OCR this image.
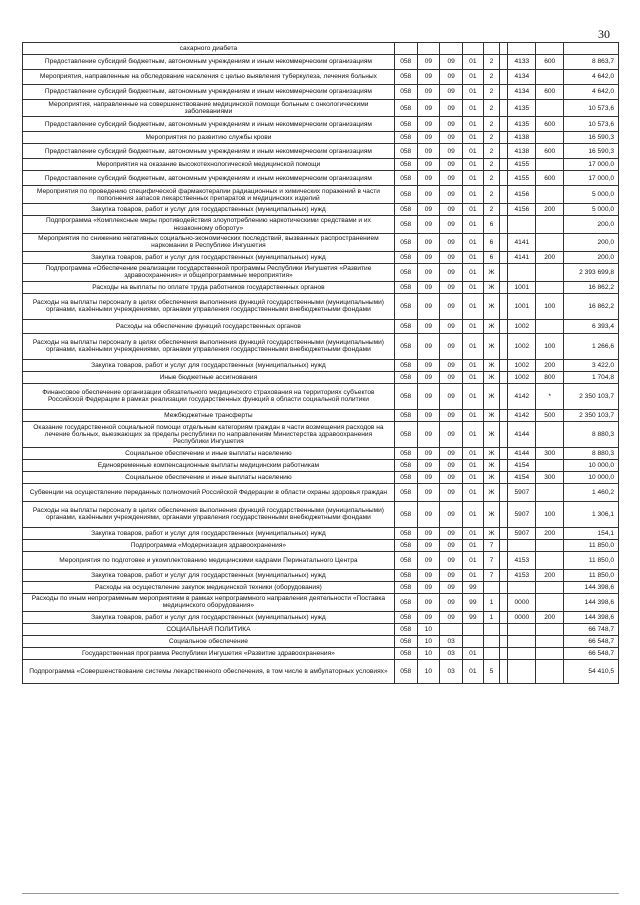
30
сахарного диабета									
Предоставление субсидий бюджетным, автономным учреждениям и иным некоммерческим организациям	058	09	09	01	2		4133	600	8 863,7
Мероприятия, направленные на обследование населения с целью выявления туберкулеза, лечения больных	058	09	09	01	2		4134		4 642,0
Предоставление субсидий бюджетным, автономным учреждениям и иным некоммерческим организациям	058	09	09	01	2		4134	600	4 642,0
Мероприятия, направленные на совершенствование медицинской помощи больным с онкологическими заболеваниями	058	09	09	01	2		4135		10 573,6
Предоставление субсидий бюджетным, автономным учреждениям и иным некоммерческим организациям	058	09	09	01	2		4135	600	10 573,6
Мероприятия по развитию службы крови	058	09	09	01	2		4138		16 590,3
Предоставление субсидий бюджетным, автономным учреждениям и иным некоммерческим организациям	058	09	09	01	2		4138	600	16 590,3
Мероприятия на оказание высокотехнологической медицинской помощи	058	09	09	01	2		4155		17 000,0
Предоставление субсидий бюджетным, автономным учреждениям и иным некоммерческим организациям	058	09	09	01	2		4155	600	17 000,0
Мероприятия по проведению специфической фармакотерапии радиационных и химических поражений в части пополнения запасов лекарственных препаратов и медицинских изделий	058	09	09	01	2		4156		5 000,0
Закупка товаров, работ и услуг для государственных (муниципальных) нужд	058	09	09	01	2		4156	200	5 000,0
Подпрограмма «Комплексные меры противодействия злоупотреблению наркотическими средствами и их незаконному обороту»	058	09	09	01	6				200,0
Мероприятия по снижению негативных социально-экономических последствий, вызванных распространением наркомании в Республике Ингушетия	058	09	09	01	6		4141		200,0
Закупка товаров, работ и услуг для государственных (муниципальных) нужд	058	09	09	01	6		4141	200	200,0
Подпрограмма «Обеспечение реализации государственной программы Республики Ингушетия «Развитие здравоохранения» и общепрограммные мероприятия»	058	09	09	01	Ж				2 393 699,8
Расходы на выплаты по оплате труда работников государственных органов	058	09	09	01	Ж		1001		16 862,2
Расходы на выплаты персоналу в целях обеспечения выполнения функций государственными (муниципальными) органами, казёнными учреждениями, органами управления государственными внебюджетными фондами	058	09	09	01	Ж		1001	100	16 862,2
Расходы на обеспечение функций государственных органов	058	09	09	01	Ж		1002		6 393,4
Расходы на выплаты персоналу в целях обеспечения выполнения функций государственными (муниципальными) органами, казёнными учреждениями, органами управления государственными внебюджетными фондами	058	09	09	01	Ж		1002	100	1 266,6
Закупка товаров, работ и услуг для государственных (муниципальных) нужд	058	09	09	01	Ж		1002	200	3 422,0
Иные бюджетные ассигнования	058	09	09	01	Ж		1002	800	1 704,8
Финансовое обеспечение организации обязательного медицинского страхования на территориях субъектов Российской Федерации в рамках реализации государственных функций в области социальной политики	058	09	09	01	Ж		4142	*	2 350 103,7
Межбюджетные трансферты	058	09	09	01	Ж		4142	500	2 350 103,7
Оказание государственной социальной помощи отдельным категориям граждан в части возмещения расходов на лечение больных, выезжающих за пределы республики по направлениям Министерства здравоохранения Республики Ингушетия	058	09	09	01	Ж		4144		8 880,3
Социальное обеспечение и иные выплаты населению	058	09	09	01	Ж		4144	300	8 880,3
Единовременные компенсационные выплаты медицинским работникам	058	09	09	01	Ж		4154		10 000,0
Социальное обеспечение и иные выплаты населению	058	09	09	01	Ж		4154	300	10 000,0
Субвенции на осуществление переданных полномочий Российской Федерации в области охраны здоровья граждан	058	09	09	01	Ж		5907		1 460,2
Расходы на выплаты персоналу в целях обеспечения выполнения функций государственными (муниципальными) органами, казёнными учреждениями, органами управления государственными внебюджетными фондами	058	09	09	01	Ж		5907	100	1 306,1
Закупка товаров, работ и услуг для государственных (муниципальных) нужд	058	09	09	01	Ж		5907	200	154,1
Подпрограмма «Модернизация здравоохранения»	058	09	09	01	7				11 850,0
Мероприятия по подготовке и укомплектованию медицинскими кадрами Перинатального Центра	058	09	09	01	7		4153		11 850,0
Закупка товаров, работ и услуг для государственных (муниципальных) нужд	058	09	09	01	7		4153	200	11 850,0
Расходы на осуществление закупок медицинской техники (оборудования)	058	09	09	99					144 398,6
Расходы по иным непрограммным мероприятиям в рамках непрограммного направления деятельности «Поставка медицинского оборудования»	058	09	09	99	1		0000		144 398,6
Закупка товаров, работ и услуг для государственных (муниципальных) нужд	058	09	09	99	1		0000	200	144 398,6
СОЦИАЛЬНАЯ ПОЛИТИКА	058	10							66 748,7
Социальное обеспечение	058	10	03						66 548,7
Государственная программа Республики Ингушетия «Развитие здравоохранения»	058	10	03	01					66 548,7
Подпрограмма «Совершенствование системы лекарственного обеспечения, в том числе в амбулаторных условиях»	058	10	03	01	5				54 410,5
